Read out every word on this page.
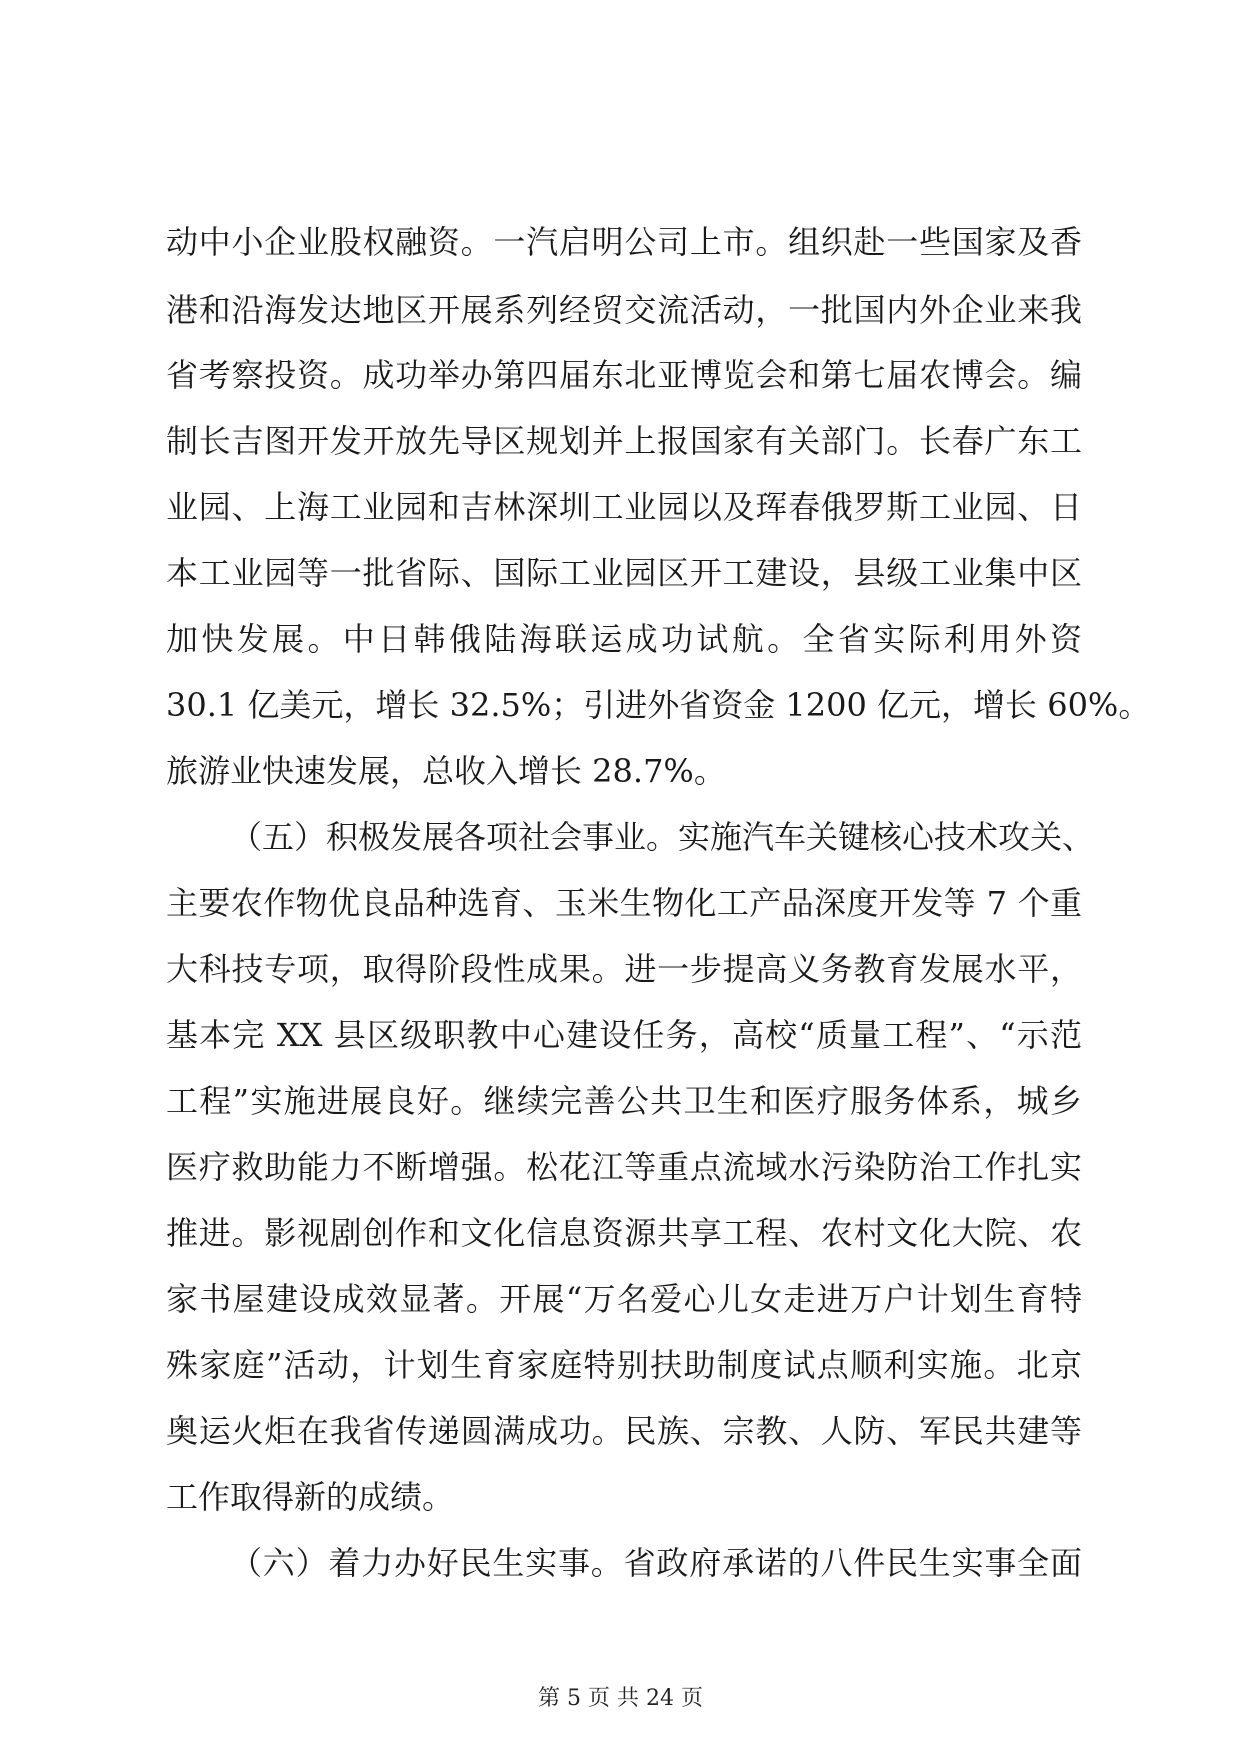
动中小企业股权融资。一汽启明公司上市。组织赴一些国家及香
港和沿海发达地区开展系列经贸交流活动，一批国内外企业来我
省考察投资。成功举办第四届东北亚博览会和第七届农博会。编
制长吉图开发开放先导区规划并上报国家有关部门。长春广东工
业园、上海工业园和吉林深圳工业园以及珲春俄罗斯工业园、日
本工业园等一批省际、国际工业园区开工建设，县级工业集中区
加快发展。中日韩俄陆海联运成功试航。全省实际利用外资
30.1 亿美元，增长 32.5%；引进外省资金 1200 亿元，增长 60%。
旅游业快速发展，总收入增长 28.7%。
（五）积极发展各项社会事业。实施汽车关键核心技术攻关、
主要农作物优良品种选育、玉米生物化工产品深度开发等 7 个重
大科技专项，取得阶段性成果。进一步提高义务教育发展水平，
基本完 XX 县区级职教中心建设任务，高校“质量工程”、“示范
工程”实施进展良好。继续完善公共卫生和医疗服务体系，城乡
医疗救助能力不断增强。松花江等重点流域水污染防治工作扎实
推进。影视剧创作和文化信息资源共享工程、农村文化大院、农
家书屋建设成效显著。开展“万名爱心儿女走进万户计划生育特
殊家庭”活动，计划生育家庭特别扶助制度试点顺利实施。北京
奥运火炬在我省传递圆满成功。民族、宗教、人防、军民共建等
工作取得新的成绩。
（六）着力办好民生实事。省政府承诺的八件民生实事全面
第 5 页 共 24 页
